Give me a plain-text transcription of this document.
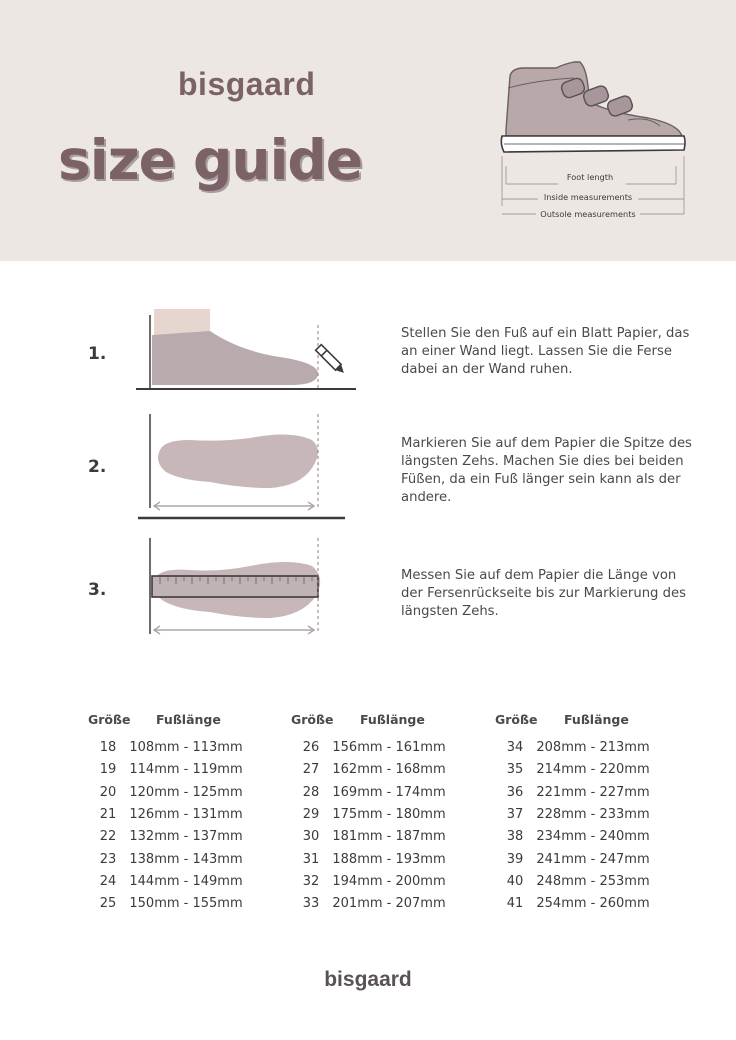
bisgaard
size guide	Foot length
Inside measurements
Outsole measurements
1.
Stellen Sie den Fuß auf ein Blatt Papier, das an einer Wand liegt. Lassen Sie die Ferse dabei an der Wand ruhen.
2.
Markieren Sie auf dem Papier die Spitze des längsten Zehs. Machen Sie dies bei beiden Füßen, da ein Fuß länger sein kann als der andere.
3.
Messen Sie auf dem Papier die Länge von der Fersenrückseite bis zur Markierung des längsten Zehs.
Größe Fußlänge	Größe Fußlänge	Größe Fußlänge
18	108mm - 113mm
19	114mm - 119mm
20	120mm - 125mm
21	126mm - 131mm
22	132mm - 137mm
23	138mm - 143mm
24	144mm - 149mm
25	150mm - 155mm
26	156mm - 161mm
27	162mm - 168mm
28	169mm - 174mm
29	175mm - 180mm
30	181mm - 187mm
31	188mm - 193mm
32	194mm - 200mm
33	201mm - 207mm
34	208mm - 213mm
35	214mm - 220mm
36	221mm - 227mm
37	228mm - 233mm
38	234mm - 240mm
39	241mm - 247mm
40	248mm - 253mm
41	254mm - 260mm
bisgaard
